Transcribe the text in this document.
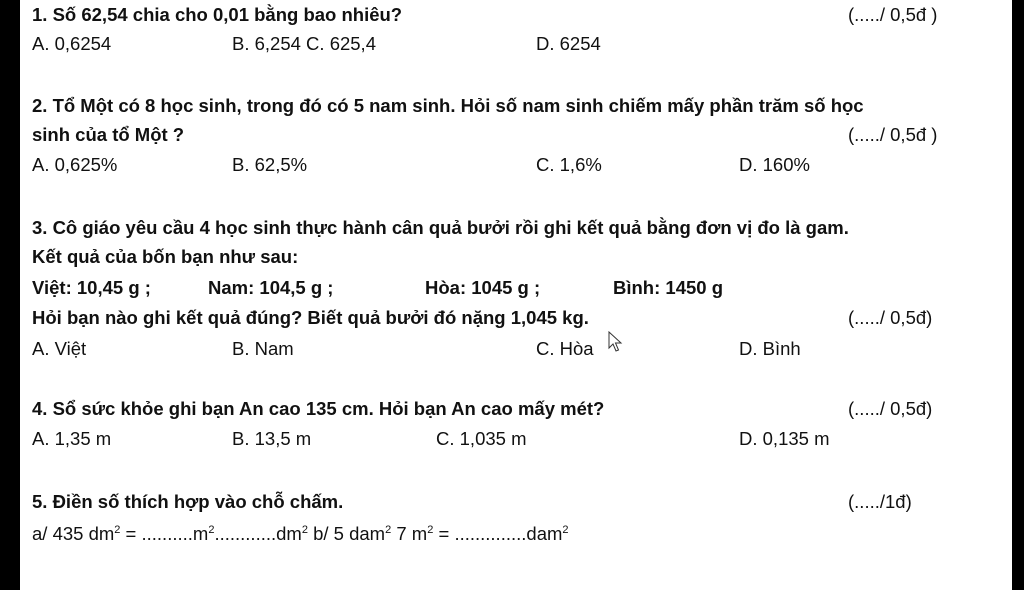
1. Số 62,54 chia cho 0,01 bằng bao nhiêu?	(...../ 0,5đ )
A. 0,6254	B. 6,254 C. 625,4	D. 6254
2. Tổ Một có 8 học sinh, trong đó có 5 nam sinh. Hỏi số nam sinh chiếm mấy phần trăm số học
sinh của tổ Một ?	(...../ 0,5đ )
A. 0,625%	B. 62,5%	C. 1,6%	D. 160%
3. Cô giáo yêu cầu 4 học sinh thực hành cân quả bưởi rồi ghi kết quả bằng đơn vị đo là gam.
Kết quả của bốn bạn như sau:
Việt: 10,45 g ;	Nam: 104,5 g ;	Hòa: 1045 g ;	Bình: 1450 g
Hỏi bạn nào ghi kết quả đúng? Biết quả bưởi đó nặng 1,045 kg.	(...../ 0,5đ)
A. Việt	B. Nam	C. Hòa	D. Bình
4. Sổ sức khỏe ghi bạn An cao 135 cm. Hỏi bạn An cao mấy mét?	(...../ 0,5đ)
A. 1,35 m	B. 13,5 m	C. 1,035 m	D. 0,135 m
5. Điền số thích hợp vào chỗ chấm.	(...../1đ)
a/ 435 $dm^2 = ..........m^2............dm^2$ b/ 5 dam$^2$ 7 $m^2 = ..............dam^2$
